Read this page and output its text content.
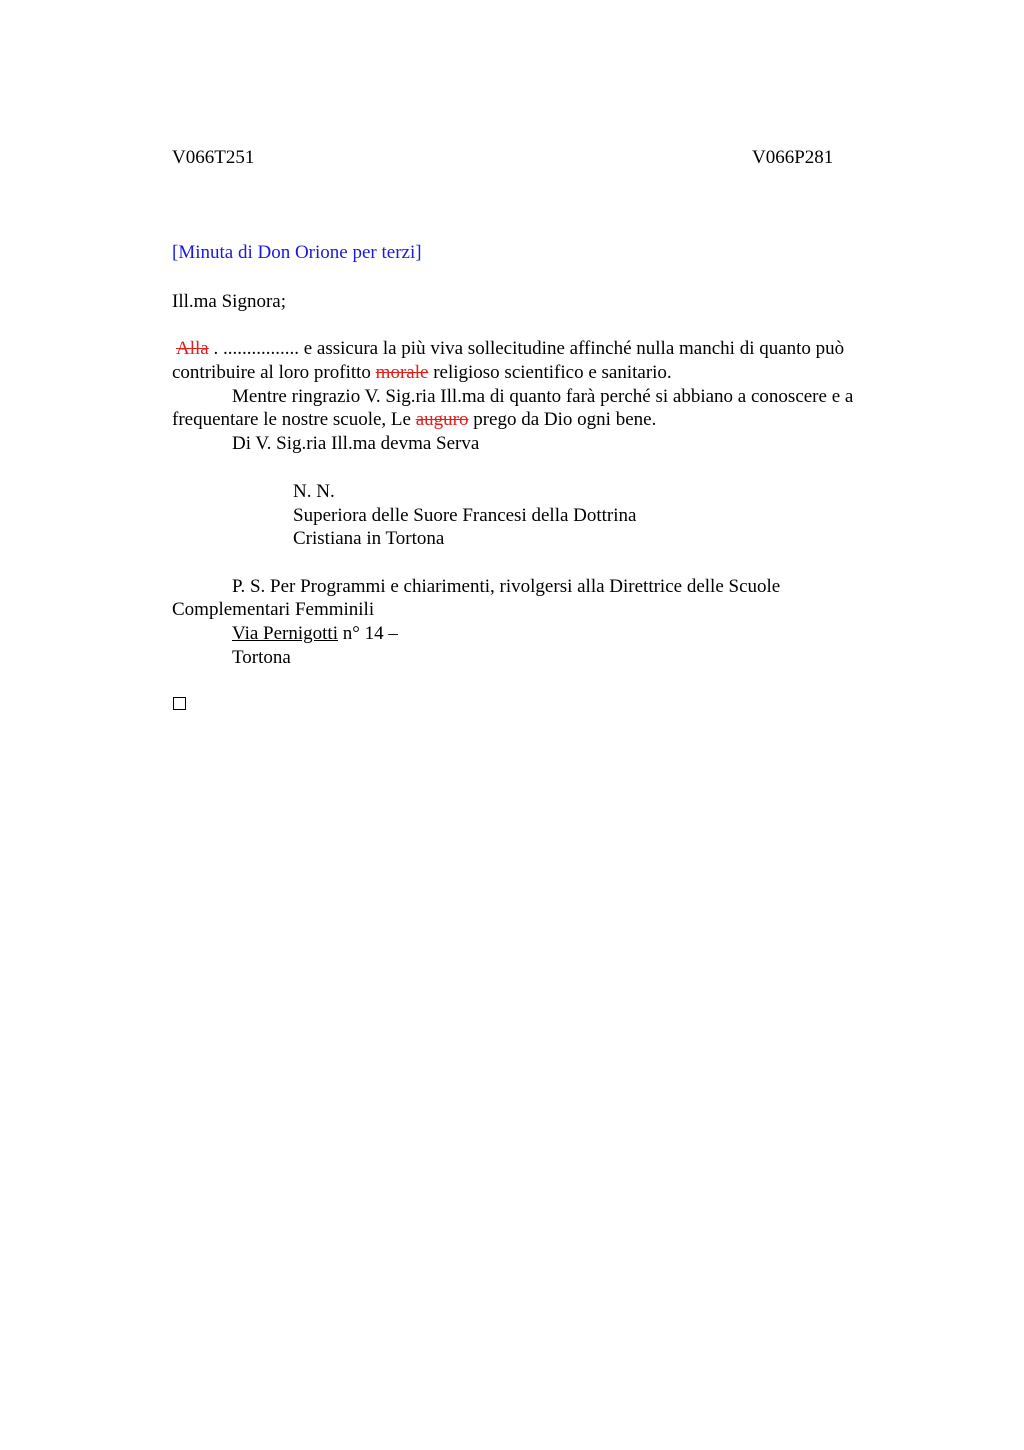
V066T251	V066P281
[Minuta di Don Orione per terzi]
Ill.ma Signora;
Alla . ................ e assicura la più viva sollecitudine affinché nulla manchi di quanto può
contribuire al loro profitto morale religioso scientifico e sanitario.
Mentre ringrazio V. Sig.ria Ill.ma di quanto farà perché si abbiano a conoscere e a
frequentare le nostre scuole, Le auguro prego da Dio ogni bene.
Di V. Sig.ria Ill.ma devma Serva
N. N.
Superiora delle Suore Francesi della Dottrina
Cristiana in Tortona
P. S. Per Programmi e chiarimenti, rivolgersi alla Direttrice delle Scuole
Complementari Femminili
Via Pernigotti n° 14 –
Tortona
